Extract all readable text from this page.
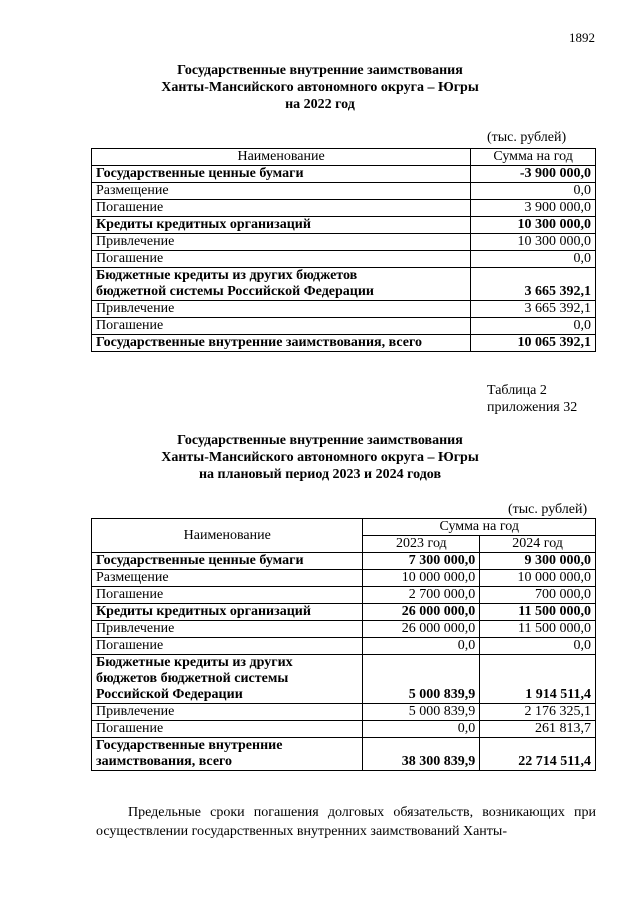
1892
Государственные внутренние заимствования
Ханты-Мансийского автономного округа – Югры
на 2022 год
(тыс. рублей)
Наименование	Сумма на год
Государственные ценные бумаги	-3 900 000,0
Размещение	0,0
Погашение	3 900 000,0
Кредиты кредитных организаций	10 300 000,0
Привлечение	10 300 000,0
Погашение	0,0

Бюджетные кредиты из других бюджетов
бюджетной системы Российской Федерации	3 665 392,1
Привлечение	3 665 392,1
Погашение	0,0
Государственные внутренние заимствования, всего	10 065 392,1
Таблица 2
приложения 32
Государственные внутренние заимствования
Ханты-Мансийского автономного округа – Югры
на плановый период 2023 и 2024 годов
(тыс. рублей)
Наименование	Сумма на год	
	2023 год	2024 год

Государственные ценные бумаги	7 300 000,0	9 300 000,0

Размещение	10 000 000,0	10 000 000,0

Погашение	2 700 000,0	700 000,0

Кредиты кредитных организаций	26 000 000,0	11 500 000,0

Привлечение	26 000 000,0	11 500 000,0

Погашение	0,0	0,0

Бюджетные кредиты из других
бюджетов бюджетной системы
Российской Федерации	5 000 839,9	1 914 511,4

Привлечение	5 000 839,9	2 176 325,1

Погашение	0,0	261 813,7

Государственные внутренние
заимствования, всего	38 300 839,9	22 714 511,4
Предельные сроки погашения долговых обязательств, возникающих при осуществлении государственных внутренних заимствований Ханты-
